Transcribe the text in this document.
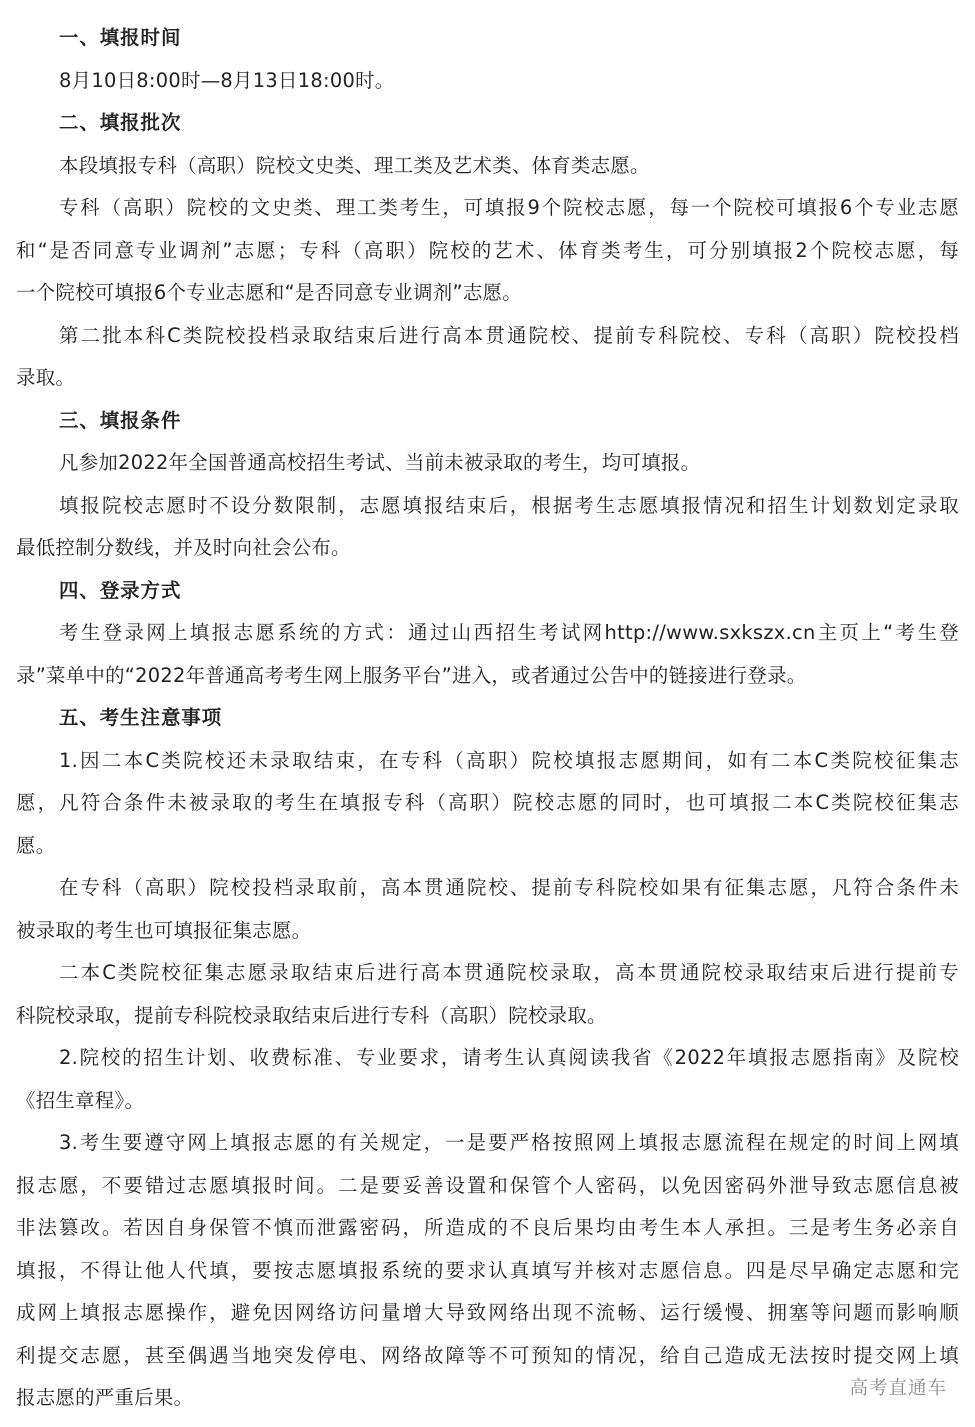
一、填报时间
8月10日8:00时—8月13日18:00时。
二、填报批次
本段填报专科（高职）院校文史类、理工类及艺术类、体育类志愿。
专科（高职）院校的文史类、理工类考生，可填报9个院校志愿，每一个院校可填报6个专业志愿
和“是否同意专业调剂”志愿；专科（高职）院校的艺术、体育类考生，可分别填报2个院校志愿，每
一个院校可填报6个专业志愿和“是否同意专业调剂”志愿。
第二批本科C类院校投档录取结束后进行高本贯通院校、提前专科院校、专科（高职）院校投档
录取。
三、填报条件
凡参加2022年全国普通高校招生考试、当前未被录取的考生，均可填报。
填报院校志愿时不设分数限制，志愿填报结束后，根据考生志愿填报情况和招生计划数划定录取
最低控制分数线，并及时向社会公布。
四、登录方式
考生登录网上填报志愿系统的方式：通过山西招生考试网http://www.sxkszx.cn主页上“考生登
录”菜单中的“2022年普通高考考生网上服务平台”进入，或者通过公告中的链接进行登录。
五、考生注意事项
1.因二本C类院校还未录取结束，在专科（高职）院校填报志愿期间，如有二本C类院校征集志
愿，凡符合条件未被录取的考生在填报专科（高职）院校志愿的同时，也可填报二本C类院校征集志
愿。
在专科（高职）院校投档录取前，高本贯通院校、提前专科院校如果有征集志愿，凡符合条件未
被录取的考生也可填报征集志愿。
二本C类院校征集志愿录取结束后进行高本贯通院校录取，高本贯通院校录取结束后进行提前专
科院校录取，提前专科院校录取结束后进行专科（高职）院校录取。
2.院校的招生计划、收费标准、专业要求，请考生认真阅读我省《2022年填报志愿指南》及院校
《招生章程》。
3.考生要遵守网上填报志愿的有关规定，一是要严格按照网上填报志愿流程在规定的时间上网填
报志愿，不要错过志愿填报时间。二是要妥善设置和保管个人密码，以免因密码外泄导致志愿信息被
非法篡改。若因自身保管不慎而泄露密码，所造成的不良后果均由考生本人承担。三是考生务必亲自
填报，不得让他人代填，要按志愿填报系统的要求认真填写并核对志愿信息。四是尽早确定志愿和完
成网上填报志愿操作，避免因网络访问量增大导致网络出现不流畅、运行缓慢、拥塞等问题而影响顺
利提交志愿，甚至偶遇当地突发停电、网络故障等不可预知的情况，给自己造成无法按时提交网上填
报志愿的严重后果。	高考直通车
